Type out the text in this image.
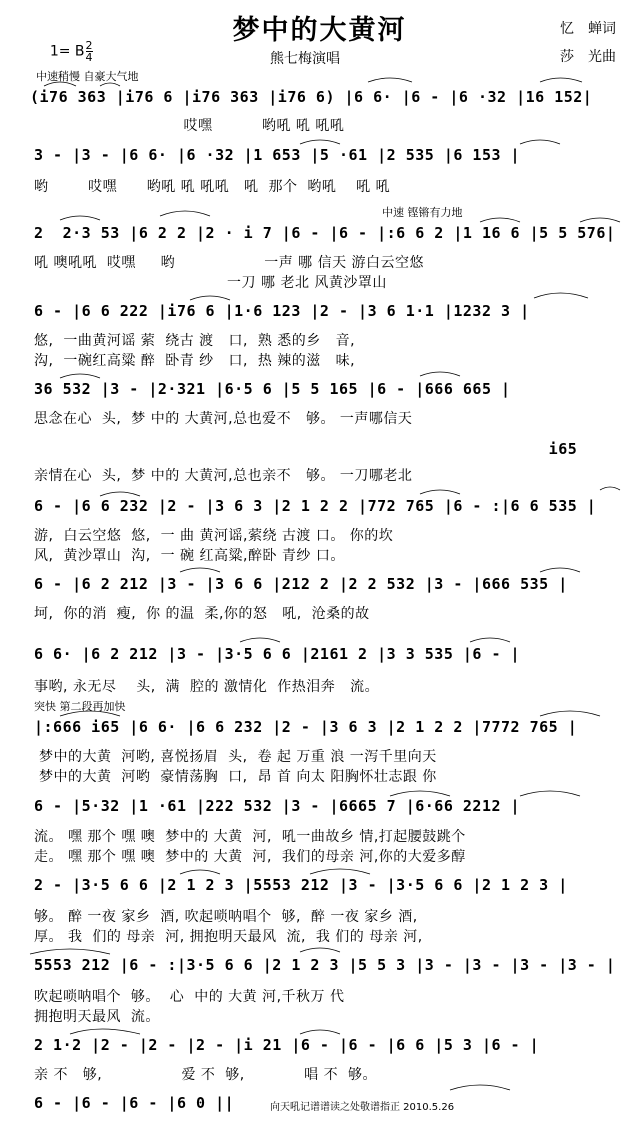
1= B $\frac{2}{4}$

梦中的大黄河	忆　蝉词
熊七梅演唱	莎　光曲
中速稍慢 自豪大气地
(i76 363 |i76 6 |i76 363 |i76 6) |6 6· |6 - |6 ·32 |16 152|
哎嘿          哟吼 吼 吼吼
3 - |3 - |6 6· |6 ·32 |1 653 |5 ·61 |2 535 |6 153 |
哟        哎嘿      哟吼 吼 吼吼   吼  那个  哟吼    吼 吼
中速 铿锵有力地
2  2·3 53 |6 2 2 |2 · i 7 |6 - |6 - |:6 6 2 |1 16 6 |5 5 576|
吼 噢吼吼  哎嘿     哟                  一声 哪 信天 游白云空悠
一刀 哪 老北 风黄沙罩山
6 - |6 6 222 |i76 6 |1·6 123 |2 - |3 6 1·1 |1232 3 |
悠,  一曲黄河谣 萦  绕古 渡   口,  熟 悉的乡   音,
沟,  一碗红高粱 醉  卧青 纱   口,  热 辣的滋   味,
36 532 |3 - |2·321 |6·5 6 |5 5 165 |6 - |666 665 |
思念在心  头,  梦 中的 大黄河,总也爱不   够。 一声哪信天
i65
亲情在心  头,  梦 中的 大黄河,总也亲不   够。 一刀哪老北
6 - |6 6 232 |2 - |3 6 3 |2 1 2 2 |772 765 |6 - :|6 6 535 |
游,  白云空悠  悠,  一 曲 黄河谣,萦绕 古渡 口。 你的坎
风,  黄沙罩山  沟,  一 碗 红高粱,醉卧 青纱 口。
6 - |6 2 212 |3 - |3 6 6 |212 2 |2 2 532 |3 - |666 535 |
坷,  你的消  瘦,  你 的温  柔,你的怒   吼,  沧桑的故
6 6· |6 2 212 |3 - |3·5 6 6 |2161 2 |3 3 535 |6 - |
事哟, 永无尽    头,  满  腔的 激情化  作热泪奔   流。
突快 第二段再加快
|:666 i65 |6 6· |6 6 232 |2 - |3 6 3 |2 1 2 2 |7772 765 |
梦中的大黄  河哟, 喜悦扬眉  头,  卷 起 万重 浪 一泻千里向天
梦中的大黄  河哟  豪情荡胸  口,  昂 首 向太 阳胸怀壮志跟 你
6 - |5·32 |1 ·61 |222 532 |3 - |6665 7 |6·66 2212 |
流。 嘿 那个 嘿 噢  梦中的 大黄  河,  吼一曲故乡 情,打起腰鼓跳个
走。 嘿 那个 嘿 噢  梦中的 大黄  河,  我们的母亲 河,你的大爱多醇
2 - |3·5 6 6 |2 1 2 3 |5553 212 |3 - |3·5 6 6 |2 1 2 3 |
够。 醉 一夜 家乡  酒, 吹起唢呐唱个  够,  醉 一夜 家乡 酒,
厚。 我  们的 母亲  河, 拥抱明天最风  流,  我 们的 母亲 河,
5553 212 |6 - :|3·5 6 6 |2 1 2 3 |5 5 3 |3 - |3 - |3 - |3 - |
吹起唢呐唱个  够。  心  中的 大黄 河,千秋万 代
拥抱明天最风  流。
2 1·2 |2 - |2 - |2 - |i 21 |6 - |6 - |6 6 |5 3 |6 - |
亲 不   够,                爱 不  够,            唱 不  够。
6 - |6 - |6 - |6 0 ||	向天吼记谱谱读之处敬谱指正 2010.5.26
